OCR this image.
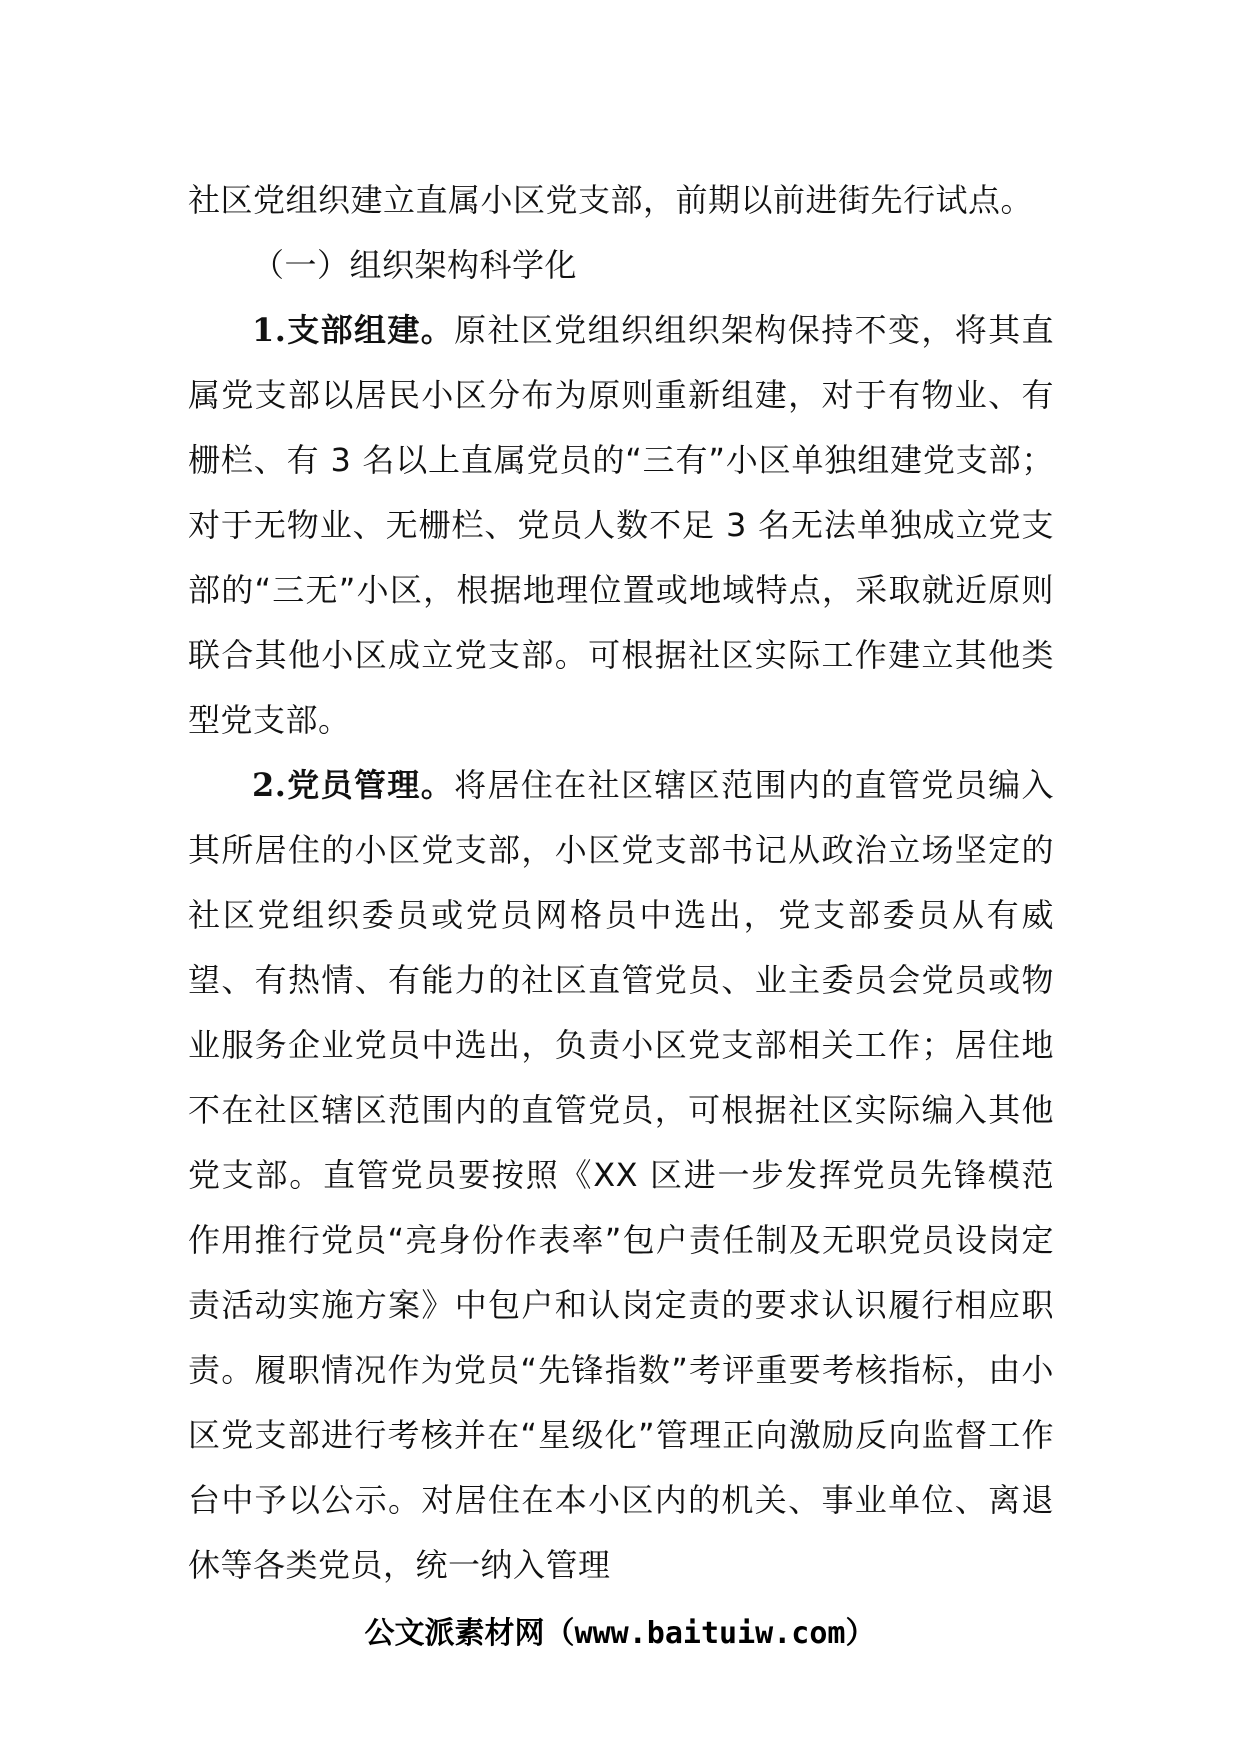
社区党组织建立直属小区党支部，前期以前进街先行试点。

（一）组织架构科学化

1.支部组建。原社区党组织组织架构保持不变，将其直属党支部以居民小区分布为原则重新组建，对于有物业、有栅栏、有 3 名以上直属党员的“三有”小区单独组建党支部；对于无物业、无栅栏、党员人数不足 3 名无法单独成立党支部的“三无”小区，根据地理位置或地域特点，采取就近原则联合其他小区成立党支部。可根据社区实际工作建立其他类型党支部。

2.党员管理。将居住在社区辖区范围内的直管党员编入其所居住的小区党支部，小区党支部书记从政治立场坚定的社区党组织委员或党员网格员中选出，党支部委员从有威望、有热情、有能力的社区直管党员、业主委员会党员或物业服务企业党员中选出，负责小区党支部相关工作；居住地不在社区辖区范围内的直管党员，可根据社区实际编入其他党支部。直管党员要按照《XX 区进一步发挥党员先锋模范作用推行党员“亮身份作表率”包户责任制及无职党员设岗定责活动实施方案》中包户和认岗定责的要求认识履行相应职责。履职情况作为党员“先锋指数”考评重要考核指标，由小区党支部进行考核并在“星级化”管理正向激励反向监督工作台中予以公示。对居住在本小区内的机关、事业单位、离退休等各类党员，统一纳入管理

公文派素材网（www.baituiw.com）
